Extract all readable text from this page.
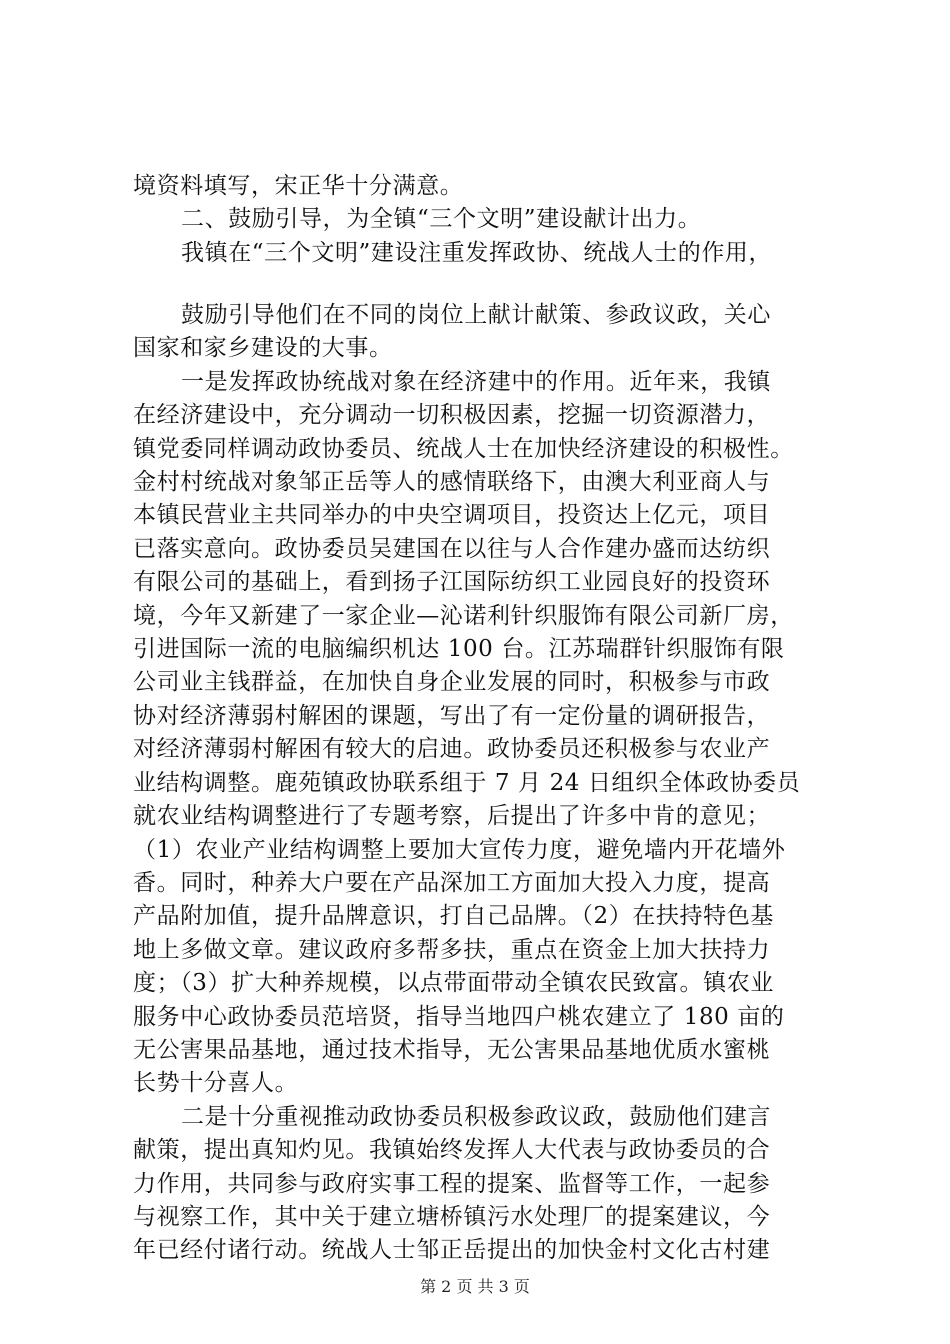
境资料填写，宋正华十分满意。
二、鼓励引导，为全镇“三个文明”建设献计出力。
我镇在“三个文明”建设注重发挥政协、统战人士的作用，
鼓励引导他们在不同的岗位上献计献策、参政议政，关心
国家和家乡建设的大事。
一是发挥政协统战对象在经济建中的作用。近年来，我镇
在经济建设中，充分调动一切积极因素，挖掘一切资源潜力，
镇党委同样调动政协委员、统战人士在加快经济建设的积极性。
金村村统战对象邹正岳等人的感情联络下，由澳大利亚商人与
本镇民营业主共同举办的中央空调项目，投资达上亿元，项目
已落实意向。政协委员吴建国在以往与人合作建办盛而达纺织
有限公司的基础上，看到扬子江国际纺织工业园良好的投资环
境，今年又新建了一家企业—沁诺利针织服饰有限公司新厂房，
引进国际一流的电脑编织机达 100 台。江苏瑞群针织服饰有限
公司业主钱群益，在加快自身企业发展的同时，积极参与市政
协对经济薄弱村解困的课题，写出了有一定份量的调研报告，
对经济薄弱村解困有较大的启迪。政协委员还积极参与农业产
业结构调整。鹿苑镇政协联系组于 7 月 24 日组织全体政协委员
就农业结构调整进行了专题考察，后提出了许多中肯的意见；
（1）农业产业结构调整上要加大宣传力度，避免墙内开花墙外
香。同时，种养大户要在产品深加工方面加大投入力度，提高
产品附加值，提升品牌意识，打自己品牌。（2）在扶持特色基
地上多做文章。建议政府多帮多扶，重点在资金上加大扶持力
度；（3）扩大种养规模，以点带面带动全镇农民致富。镇农业
服务中心政协委员范培贤，指导当地四户桃农建立了 180 亩的
无公害果品基地，通过技术指导，无公害果品基地优质水蜜桃
长势十分喜人。
二是十分重视推动政协委员积极参政议政，鼓励他们建言
献策，提出真知灼见。我镇始终发挥人大代表与政协委员的合
力作用，共同参与政府实事工程的提案、监督等工作，一起参
与视察工作，其中关于建立塘桥镇污水处理厂的提案建议，今
年已经付诸行动。统战人士邹正岳提出的加快金村文化古村建
第 2 页 共 3 页
